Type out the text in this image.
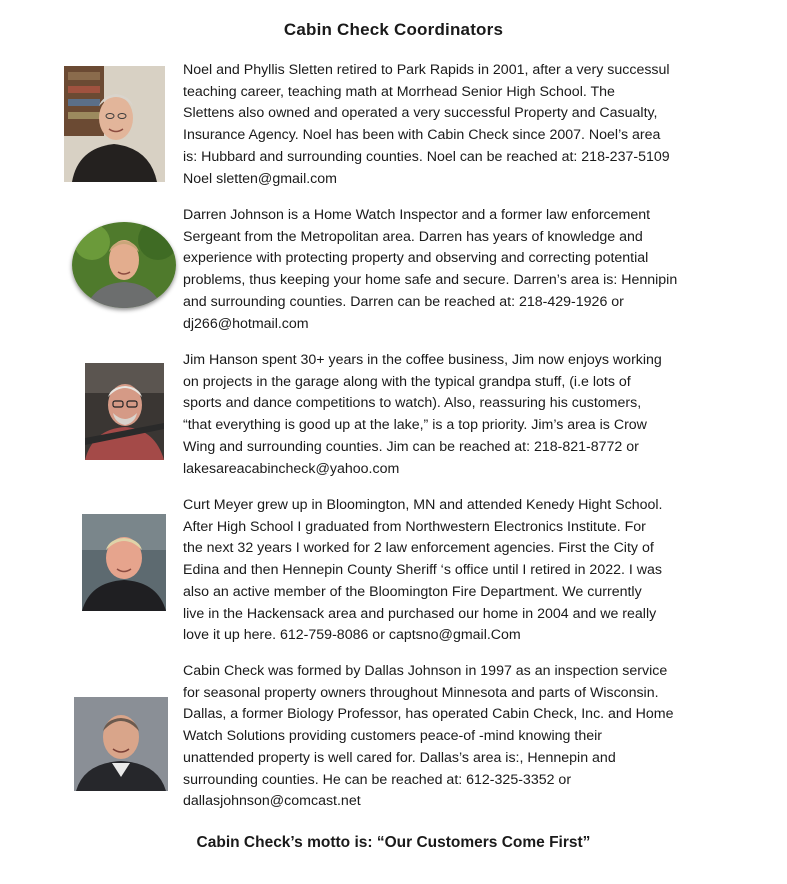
Cabin Check Coordinators

Noel and Phyllis Sletten retired to Park Rapids in 2001, after a very successul
teaching career, teaching math at Morrhead Senior High School. The
Slettens also owned and operated a very successful Property and Casualty,
Insurance Agency. Noel has been with Cabin Check since 2007. Noel’s area
is: Hubbard and surrounding counties. Noel can be reached at: 218-237-5109
Noel sletten@gmail.com

Darren Johnson is a Home Watch Inspector and a former law enforcement
Sergeant from the Metropolitan area. Darren has years of knowledge and
experience with protecting property and observing and correcting potential
problems, thus keeping your home safe and secure. Darren’s area is: Hennipin
and surrounding counties. Darren can be reached at: 218-429-1926 or
dj266@hotmail.com

Jim Hanson spent 30+ years in the coffee business, Jim now enjoys working
on projects in the garage along with the typical grandpa stuff, (i.e lots of
sports and dance competitions to watch). Also, reassuring his customers,
“that everything is good up at the lake,” is a top priority. Jim’s area is Crow
Wing and surrounding counties. Jim can be reached at: 218-821-8772 or
lakesareacabincheck@yahoo.com

Curt Meyer grew up in Bloomington, MN and attended Kenedy Hight School.
After High School I graduated from Northwestern Electronics Institute. For
the next 32 years I worked for 2 law enforcement agencies. First the City of
Edina and then Hennepin County Sheriff ‘s office until I retired in 2022. I was
also an active member of the Bloomington Fire Department. We currently
live in the Hackensack area and purchased our home in 2004 and we really
love it up here. 612-759-8086 or captsno@gmail.Com

Cabin Check was formed by Dallas Johnson in 1997 as an inspection service
for seasonal property owners throughout Minnesota and parts of Wisconsin.
Dallas, a former Biology Professor, has operated Cabin Check, Inc. and Home
Watch Solutions providing customers peace-of -mind knowing their
unattended property is well cared for. Dallas’s area is:, Hennepin and
surrounding counties. He can be reached at: 612-325-3352 or
dallasjohnson@comcast.net

Cabin Check’s motto is: “Our Customers Come First”
